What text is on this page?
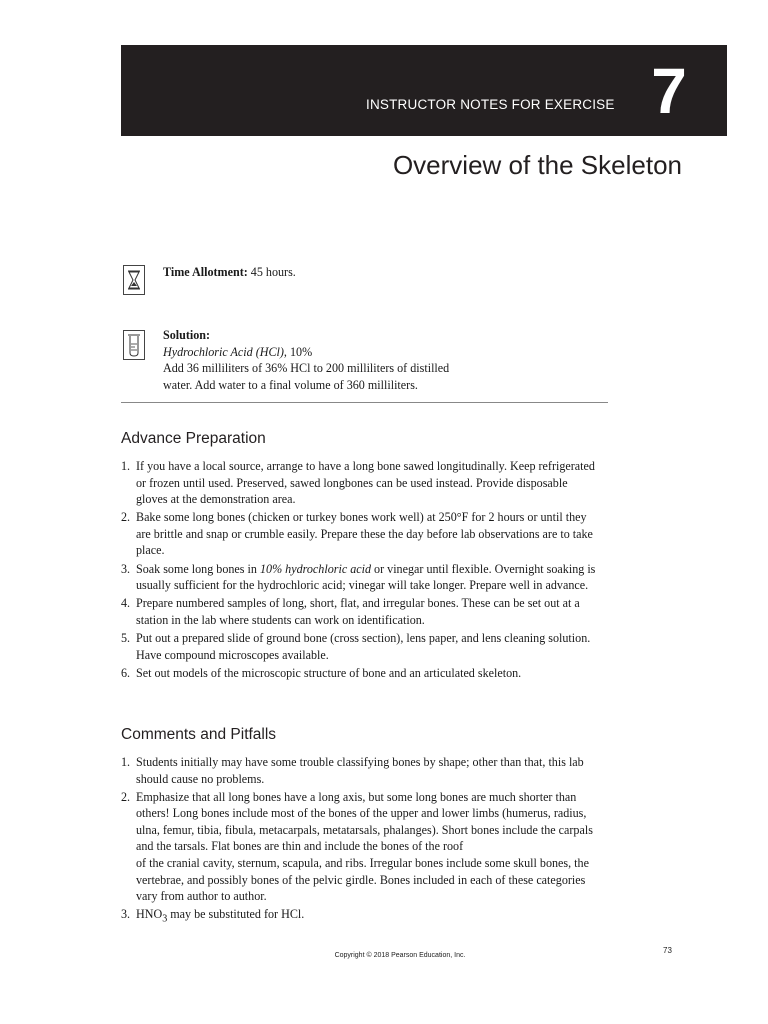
INSTRUCTOR NOTES FOR EXERCISE 7
Overview of the Skeleton
Time Allotment: 45 hours.
Solution:
Hydrochloric Acid (HCl), 10%
Add 36 milliliters of 36% HCl to 200 milliliters of distilled
water. Add water to a final volume of 360 milliliters.
Advance Preparation
1. If you have a local source, arrange to have a long bone sawed longitudinally. Keep refrigerated or frozen until used. Preserved, sawed longbones can be used instead. Provide disposable gloves at the demonstration area.
2. Bake some long bones (chicken or turkey bones work well) at 250°F for 2 hours or until they are brittle and snap or crumble easily. Prepare these the day before lab observations are to take place.
3. Soak some long bones in 10% hydrochloric acid or vinegar until flexible. Overnight soaking is usually sufficient for the hydrochloric acid; vinegar will take longer. Prepare well in advance.
4. Prepare numbered samples of long, short, flat, and irregular bones. These can be set out at a station in the lab where students can work on identification.
5. Put out a prepared slide of ground bone (cross section), lens paper, and lens cleaning solution. Have compound microscopes available.
6. Set out models of the microscopic structure of bone and an articulated skeleton.
Comments and Pitfalls
1. Students initially may have some trouble classifying bones by shape; other than that, this lab should cause no problems.
2. Emphasize that all long bones have a long axis, but some long bones are much shorter than others! Long bones include most of the bones of the upper and lower limbs (humerus, radius, ulna, femur, tibia, fibula, metacarpals, metatarsals, phalanges). Short bones include the carpals and the tarsals. Flat bones are thin and include the bones of the roof
of the cranial cavity, sternum, scapula, and ribs. Irregular bones include some skull bones, the vertebrae, and possibly bones of the pelvic girdle. Bones included in each of these categories vary from author to author.
3. $HNO_3$ may be substituted for HCl.
73
Copyright © 2018 Pearson Education, Inc.
